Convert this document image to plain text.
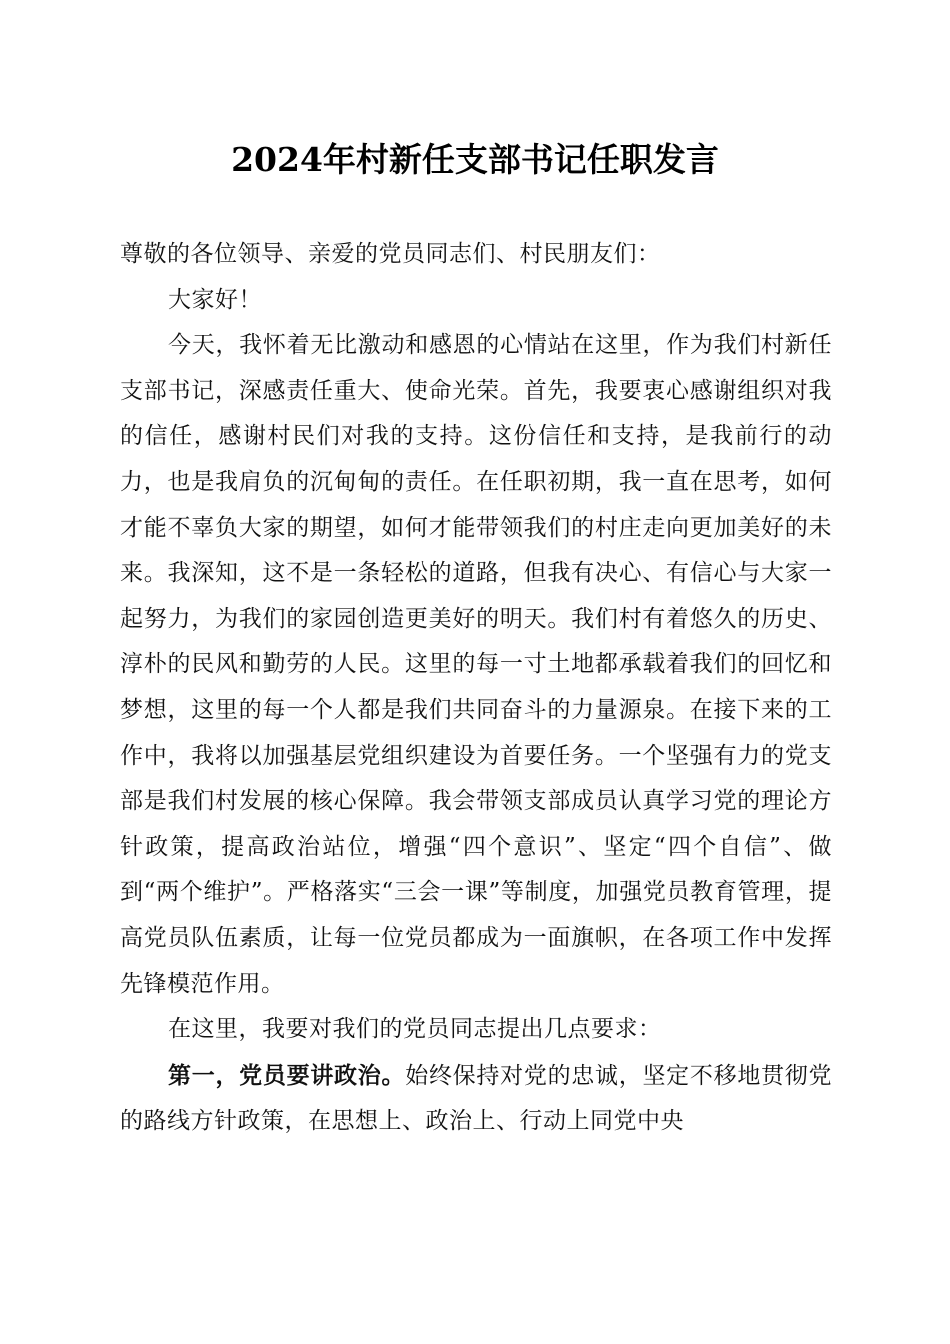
2024年村新任支部书记任职发言

尊敬的各位领导、亲爱的党员同志们、村民朋友们：

大家好！

今天，我怀着无比激动和感恩的心情站在这里，作为我们村新任支部书记，深感责任重大、使命光荣。首先，我要衷心感谢组织对我的信任，感谢村民们对我的支持。这份信任和支持，是我前行的动力，也是我肩负的沉甸甸的责任。在任职初期，我一直在思考，如何才能不辜负大家的期望，如何才能带领我们的村庄走向更加美好的未来。我深知，这不是一条轻松的道路，但我有决心、有信心与大家一起努力，为我们的家园创造更美好的明天。我们村有着悠久的历史、淳朴的民风和勤劳的人民。这里的每一寸土地都承载着我们的回忆和梦想，这里的每一个人都是我们共同奋斗的力量源泉。在接下来的工作中，我将以加强基层党组织建设为首要任务。一个坚强有力的党支部是我们村发展的核心保障。我会带领支部成员认真学习党的理论方针政策，提高政治站位，增强“四个意识”、坚定“四个自信”、做到“两个维护”。严格落实“三会一课”等制度，加强党员教育管理，提高党员队伍素质，让每一位党员都成为一面旗帜，在各项工作中发挥先锋模范作用。

在这里，我要对我们的党员同志提出几点要求：

第一，党员要讲政治。始终保持对党的忠诚，坚定不移地贯彻党的路线方针政策，在思想上、政治上、行动上同党中央
